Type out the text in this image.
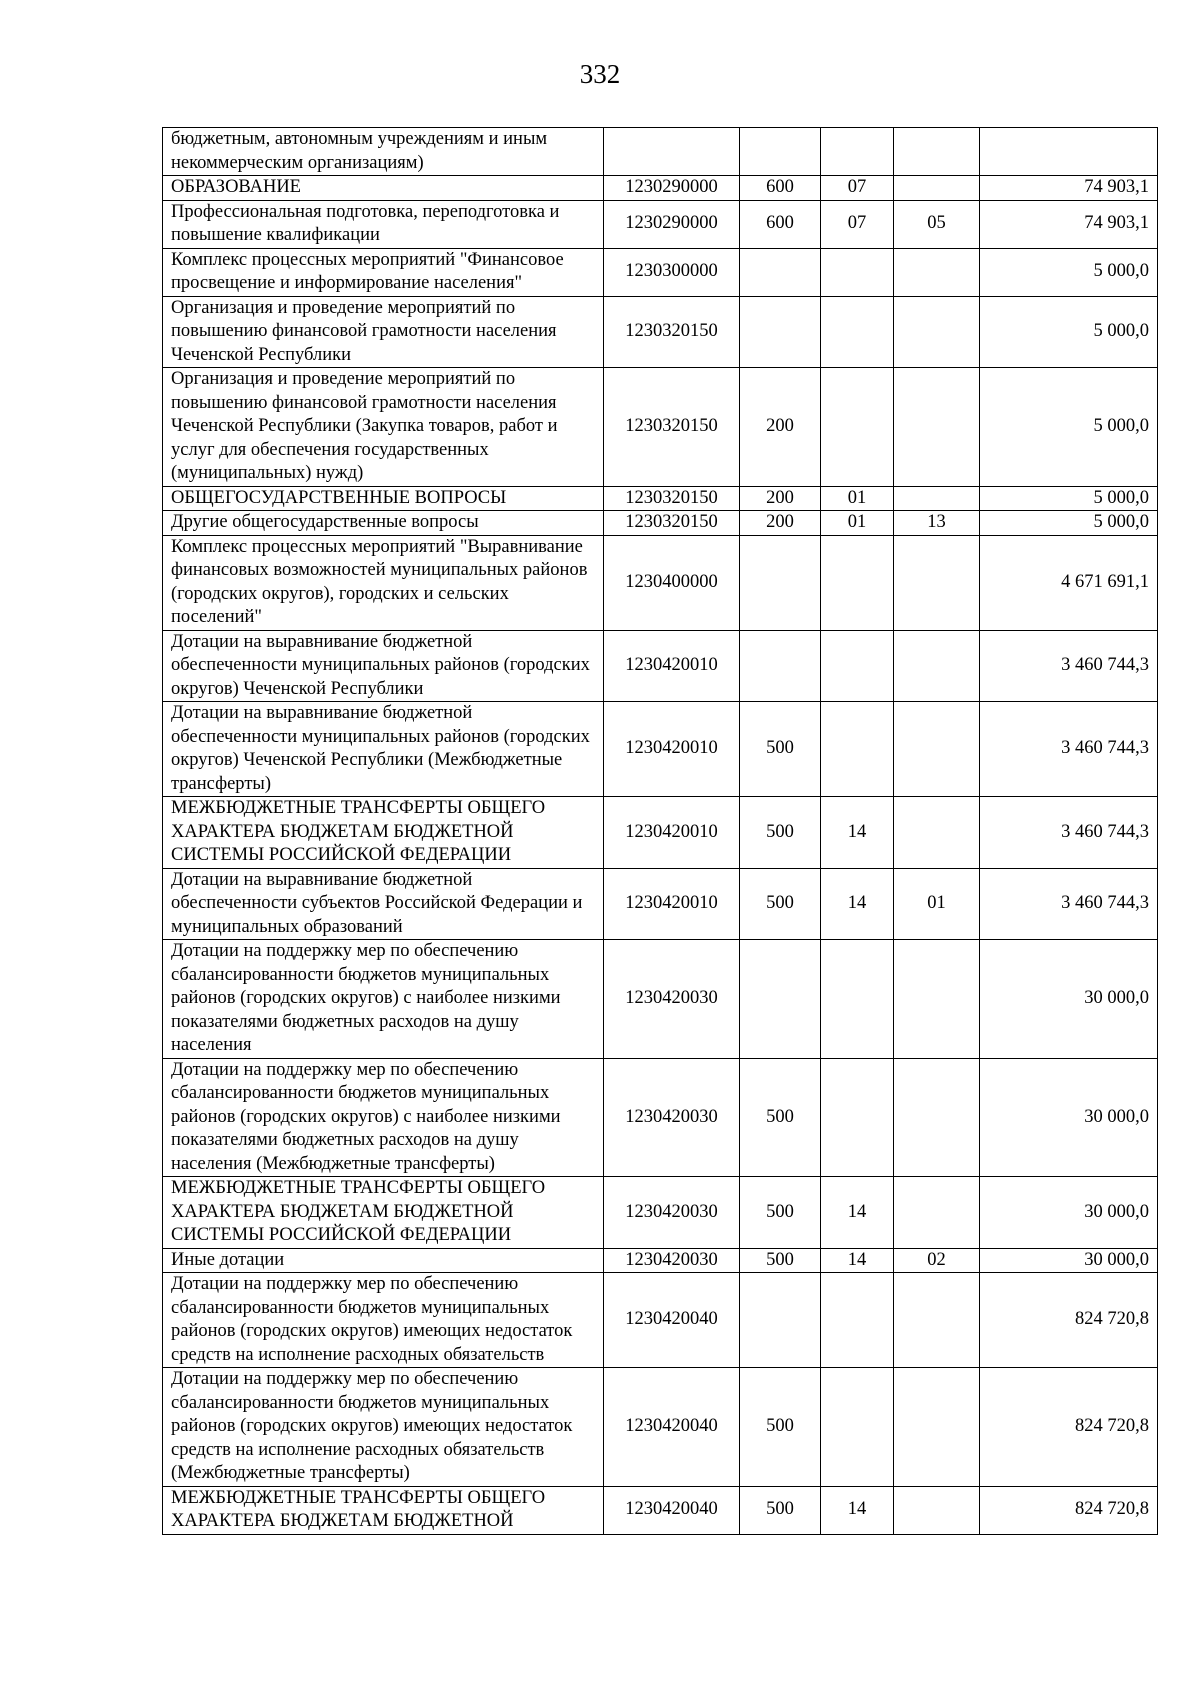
332
бюджетным, автономным учреждениям и иным некоммерческим организациям)					
ОБРАЗОВАНИЕ	1230290000	600	07		74 903,1
Профессиональная подготовка, переподготовка и повышение квалификации	1230290000	600	07	05	74 903,1
Комплекс процессных мероприятий "Финансовое просвещение и информирование населения"	1230300000				5 000,0
Организация и проведение мероприятий по повышению финансовой грамотности населения Чеченской Республики	1230320150				5 000,0
Организация и проведение мероприятий по повышению финансовой грамотности населения Чеченской Республики (Закупка товаров, работ и услуг для обеспечения государственных (муниципальных) нужд)	1230320150	200			5 000,0
ОБЩЕГОСУДАРСТВЕННЫЕ ВОПРОСЫ	1230320150	200	01		5 000,0
Другие общегосударственные вопросы	1230320150	200	01	13	5 000,0
Комплекс процессных мероприятий "Выравнивание финансовых возможностей муниципальных районов (городских округов), городских и сельских поселений"	1230400000				4 671 691,1
Дотации на выравнивание бюджетной обеспеченности муниципальных районов (городских округов) Чеченской Республики	1230420010				3 460 744,3
Дотации на выравнивание бюджетной обеспеченности муниципальных районов (городских округов) Чеченской Республики (Межбюджетные трансферты)	1230420010	500			3 460 744,3
МЕЖБЮДЖЕТНЫЕ ТРАНСФЕРТЫ ОБЩЕГО ХАРАКТЕРА БЮДЖЕТАМ БЮДЖЕТНОЙ СИСТЕМЫ РОССИЙСКОЙ ФЕДЕРАЦИИ	1230420010	500	14		3 460 744,3
Дотации на выравнивание бюджетной обеспеченности субъектов Российской Федерации и муниципальных образований	1230420010	500	14	01	3 460 744,3
Дотации на поддержку мер по обеспечению сбалансированности бюджетов муниципальных районов (городских округов) с наиболее низкими показателями бюджетных расходов на душу населения	1230420030				30 000,0
Дотации на поддержку мер по обеспечению сбалансированности бюджетов муниципальных районов (городских округов) с наиболее низкими показателями бюджетных расходов на душу населения (Межбюджетные трансферты)	1230420030	500			30 000,0
МЕЖБЮДЖЕТНЫЕ ТРАНСФЕРТЫ ОБЩЕГО ХАРАКТЕРА БЮДЖЕТАМ БЮДЖЕТНОЙ СИСТЕМЫ РОССИЙСКОЙ ФЕДЕРАЦИИ	1230420030	500	14		30 000,0
Иные дотации	1230420030	500	14	02	30 000,0
Дотации на поддержку мер по обеспечению сбалансированности бюджетов муниципальных районов (городских округов) имеющих недостаток средств на исполнение расходных обязательств	1230420040				824 720,8
Дотации на поддержку мер по обеспечению сбалансированности бюджетов муниципальных районов (городских округов) имеющих недостаток средств на исполнение расходных обязательств (Межбюджетные трансферты)	1230420040	500			824 720,8
МЕЖБЮДЖЕТНЫЕ ТРАНСФЕРТЫ ОБЩЕГО ХАРАКТЕРА БЮДЖЕТАМ БЮДЖЕТНОЙ	1230420040	500	14		824 720,8
